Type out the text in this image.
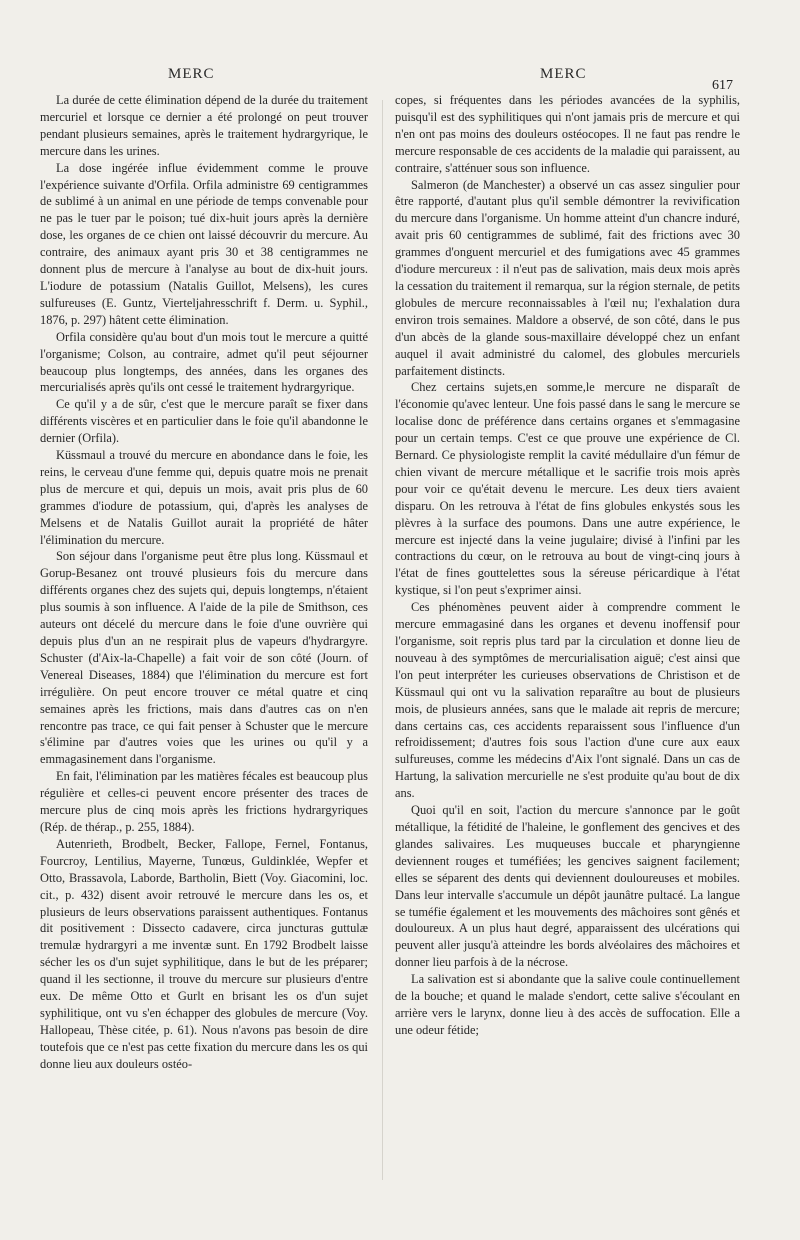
MERC	MERC
617

La durée de cette élimination dépend de la durée du traitement mercuriel et lorsque ce dernier a été prolongé on peut trouver pendant plusieurs semaines, après le traitement hydrargyrique, le mercure dans les urines.

La dose ingérée influe évidemment comme le prouve l'expérience suivante d'Orfila. Orfila administre 69 centigrammes de sublimé à un animal en une période de temps convenable pour ne pas le tuer par le poison; tué dix-huit jours après la dernière dose, les organes de ce chien ont laissé découvrir du mercure. Au contraire, des animaux ayant pris 30 et 38 centigrammes ne donnent plus de mercure à l'analyse au bout de dix-huit jours. L'iodure de potassium (Natalis Guillot, Melsens), les cures sulfureuses (E. Guntz, Vierteljahresschrift f. Derm. u. Syphil., 1876, p. 297) hâtent cette élimination.

Orfila considère qu'au bout d'un mois tout le mercure a quitté l'organisme; Colson, au contraire, admet qu'il peut séjourner beaucoup plus longtemps, des années, dans les organes des mercurialisés après qu'ils ont cessé le traitement hydrargyrique.

Ce qu'il y a de sûr, c'est que le mercure paraît se fixer dans différents viscères et en particulier dans le foie qu'il abandonne le dernier (Orfila).

Küssmaul a trouvé du mercure en abondance dans le foie, les reins, le cerveau d'une femme qui, depuis quatre mois ne prenait plus de mercure et qui, depuis un mois, avait pris plus de 60 grammes d'iodure de potassium, qui, d'après les analyses de Melsens et de Natalis Guillot aurait la propriété de hâter l'élimination du mercure.

Son séjour dans l'organisme peut être plus long. Küssmaul et Gorup-Besanez ont trouvé plusieurs fois du mercure dans différents organes chez des sujets qui, depuis longtemps, n'étaient plus soumis à son influence. A l'aide de la pile de Smithson, ces auteurs ont décelé du mercure dans le foie d'une ouvrière qui depuis plus d'un an ne respirait plus de vapeurs d'hydrargyre. Schuster (d'Aix-la-Chapelle) a fait voir de son côté (Journ. of Venereal Diseases, 1884) que l'élimination du mercure est fort irrégulière. On peut encore trouver ce métal quatre et cinq semaines après les frictions, mais dans d'autres cas on n'en rencontre pas trace, ce qui fait penser à Schuster que le mercure s'élimine par d'autres voies que les urines ou qu'il y a emmagasinement dans l'organisme.

En fait, l'élimination par les matières fécales est beaucoup plus régulière et celles-ci peuvent encore présenter des traces de mercure plus de cinq mois après les frictions hydrargyriques (Rép. de thérap., p. 255, 1884).

Autenrieth, Brodbelt, Becker, Fallope, Fernel, Fontanus, Fourcroy, Lentilius, Mayerne, Tunœus, Guldinklée, Wepfer et Otto, Brassavola, Laborde, Bartholin, Biett (Voy. Giacomini, loc. cit., p. 432) disent avoir retrouvé le mercure dans les os, et plusieurs de leurs observations paraissent authentiques. Fontanus dit positivement : Dissecto cadavere, circa juncturas guttulæ tremulæ hydrargyri a me inventæ sunt. En 1792 Brodbelt laisse sécher les os d'un sujet syphilitique, dans le but de les préparer; quand il les sectionne, il trouve du mercure sur plusieurs d'entre eux. De même Otto et Gurlt en brisant les os d'un sujet syphilitique, ont vu s'en échapper des globules de mercure (Voy. Hallopeau, Thèse citée, p. 61). Nous n'avons pas besoin de dire toutefois que ce n'est pas cette fixation du mercure dans les os qui donne lieu aux douleurs ostéo-

copes, si fréquentes dans les périodes avancées de la syphilis, puisqu'il est des syphilitiques qui n'ont jamais pris de mercure et qui n'en ont pas moins des douleurs ostéocopes. Il ne faut pas rendre le mercure responsable de ces accidents de la maladie qui paraissent, au contraire, s'atténuer sous son influence.

Salmeron (de Manchester) a observé un cas assez singulier pour être rapporté, d'autant plus qu'il semble démontrer la revivification du mercure dans l'organisme. Un homme atteint d'un chancre induré, avait pris 60 centigrammes de sublimé, fait des frictions avec 30 grammes d'onguent mercuriel et des fumigations avec 45 grammes d'iodure mercureux : il n'eut pas de salivation, mais deux mois après la cessation du traitement il remarqua, sur la région sternale, de petits globules de mercure reconnaissables à l'œil nu; l'exhalation dura environ trois semaines. Maldore a observé, de son côté, dans le pus d'un abcès de la glande sous-maxillaire développé chez un enfant auquel il avait administré du calomel, des globules mercuriels parfaitement distincts.

Chez certains sujets,en somme,le mercure ne disparaît de l'économie qu'avec lenteur. Une fois passé dans le sang le mercure se localise donc de préférence dans certains organes et s'emmagasine pour un certain temps. C'est ce que prouve une expérience de Cl. Bernard. Ce physiologiste remplit la cavité médullaire d'un fémur de chien vivant de mercure métallique et le sacrifie trois mois après pour voir ce qu'était devenu le mercure. Les deux tiers avaient disparu. On les retrouva à l'état de fins globules enkystés sous les plèvres à la surface des poumons. Dans une autre expérience, le mercure est injecté dans la veine jugulaire; divisé à l'infini par les contractions du cœur, on le retrouva au bout de vingt-cinq jours à l'état de fines gouttelettes sous la séreuse péricardique à l'état kystique, si l'on peut s'exprimer ainsi.

Ces phénomènes peuvent aider à comprendre comment le mercure emmagasiné dans les organes et devenu inoffensif pour l'organisme, soit repris plus tard par la circulation et donne lieu de nouveau à des symptômes de mercurialisation aiguë; c'est ainsi que l'on peut interpréter les curieuses observations de Christison et de Küssmaul qui ont vu la salivation reparaître au bout de plusieurs mois, de plusieurs années, sans que le malade ait repris de mercure; dans certains cas, ces accidents reparaissent sous l'influence d'un refroidissement; d'autres fois sous l'action d'une cure aux eaux sulfureuses, comme les médecins d'Aix l'ont signalé. Dans un cas de Hartung, la salivation mercurielle ne s'est produite qu'au bout de dix ans.

Quoi qu'il en soit, l'action du mercure s'annonce par le goût métallique, la fétidité de l'haleine, le gonflement des gencives et des glandes salivaires. Les muqueuses buccale et pharyngienne deviennent rouges et tuméfiées; les gencives saignent facilement; elles se séparent des dents qui deviennent douloureuses et mobiles. Dans leur intervalle s'accumule un dépôt jaunâtre pultacé. La langue se tuméfie également et les mouvements des mâchoires sont gênés et douloureux. A un plus haut degré, apparaissent des ulcérations qui peuvent aller jusqu'à atteindre les bords alvéolaires des mâchoires et donner lieu parfois à de la nécrose.

La salivation est si abondante que la salive coule continuellement de la bouche; et quand le malade s'endort, cette salive s'écoulant en arrière vers le larynx, donne lieu à des accès de suffocation. Elle a une odeur fétide;
